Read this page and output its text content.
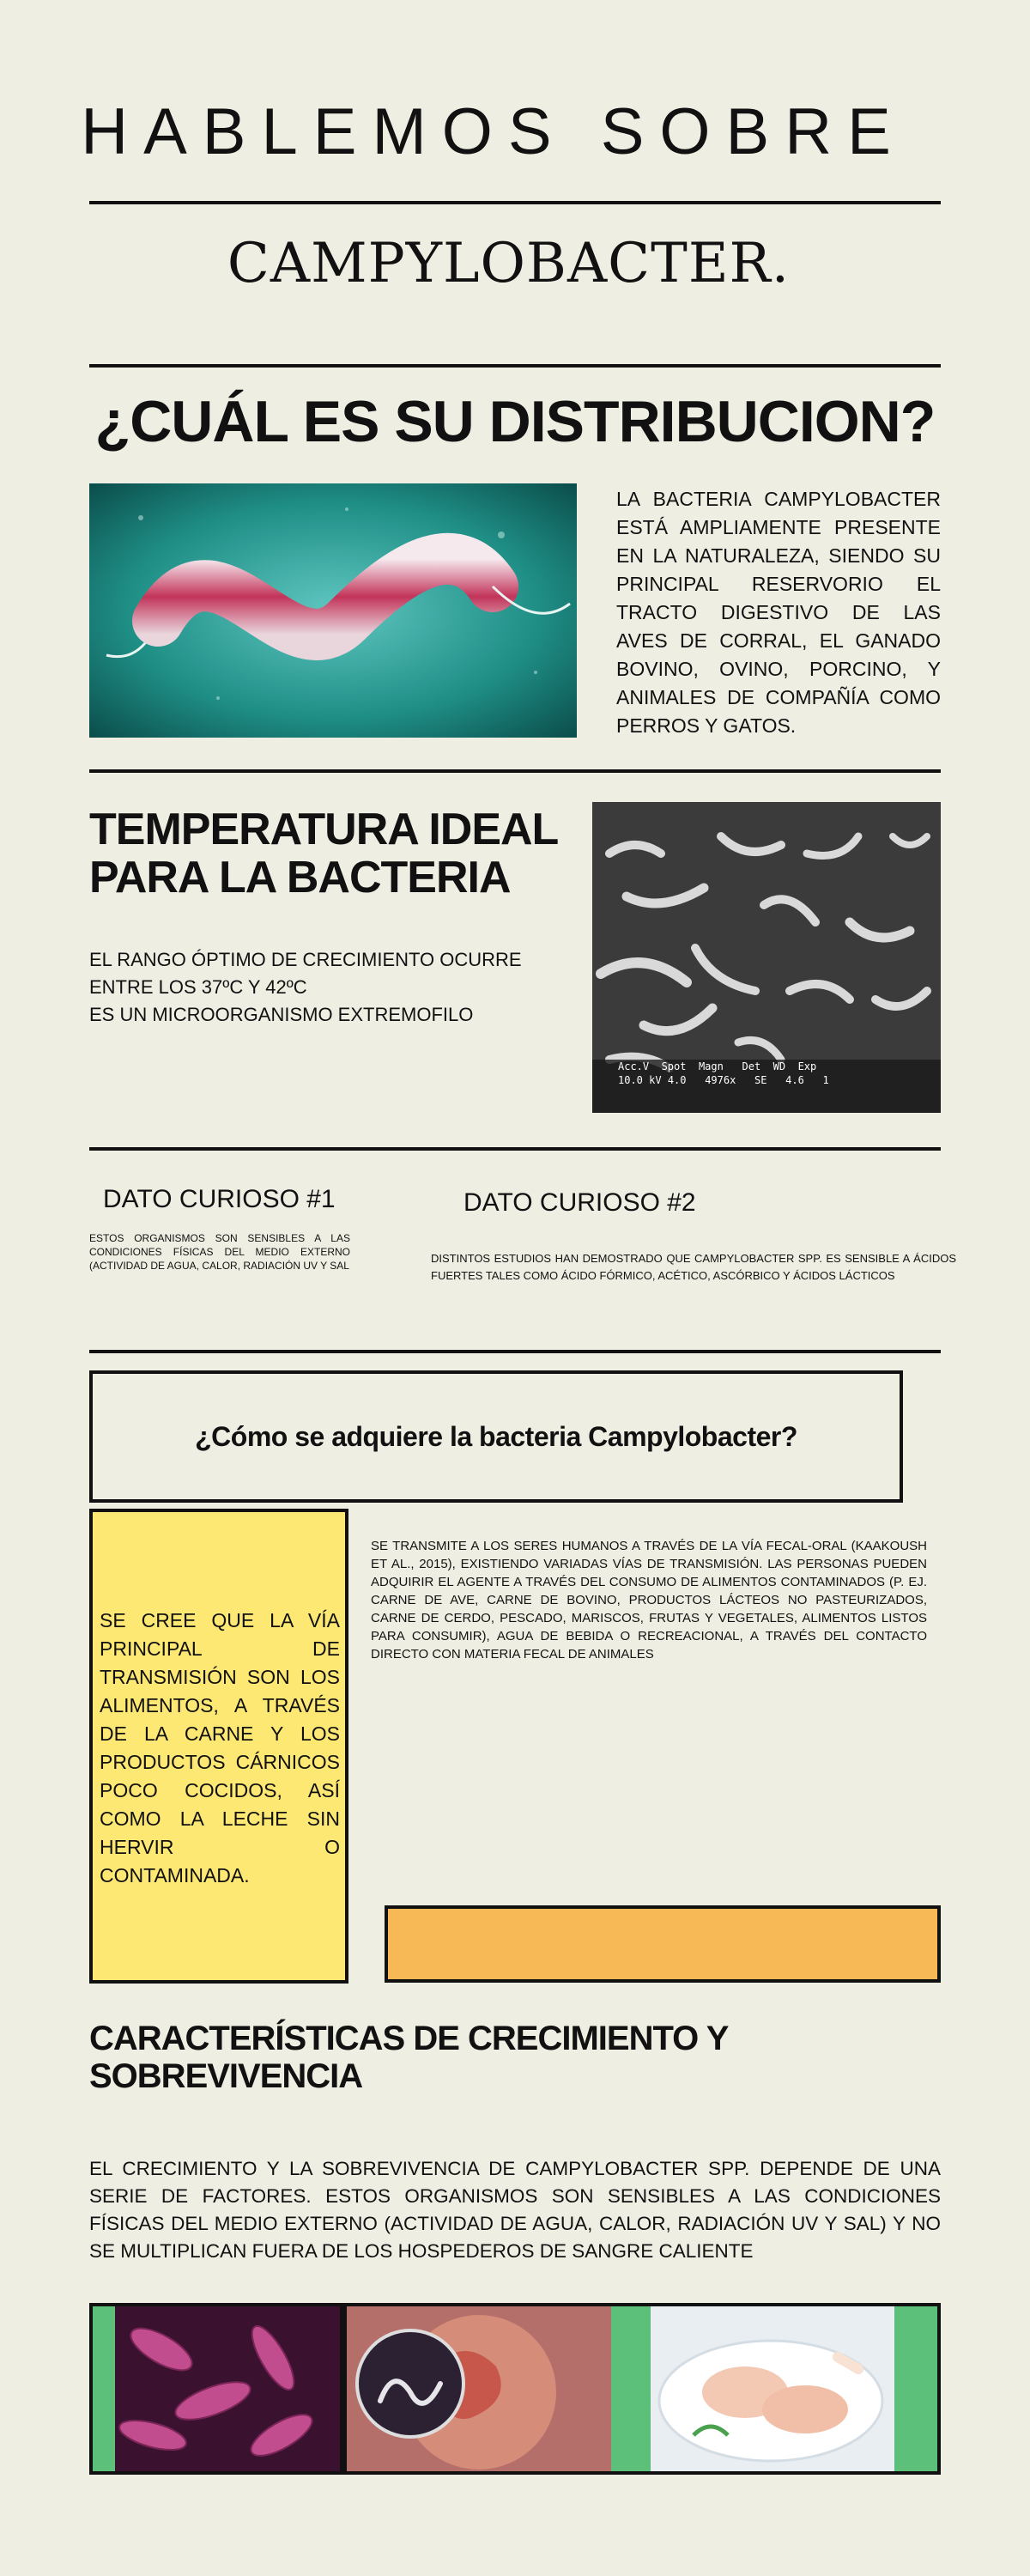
HABLEMOS SOBRE
CAMPYLOBACTER.
¿CUÁL ES SU DISTRIBUCION?
LA BACTERIA CAMPYLOBACTER ESTÁ AMPLIAMENTE PRESENTE EN LA NATURALEZA, SIENDO SU PRINCIPAL RESERVORIO EL TRACTO DIGESTIVO DE LAS AVES DE CORRAL, EL GANADO BOVINO, OVINO, PORCINO, Y ANIMALES DE COMPAÑÍA COMO PERROS Y GATOS.
TEMPERATURA IDEAL
PARA LA BACTERIA
EL RANGO ÓPTIMO DE CRECIMIENTO OCURRE ENTRE LOS 37ºC Y 42ºC
ES UN MICROORGANISMO EXTREMOFILO
Acc.V Spot Magn Det WD Exp
10.0 kV 4.0 4976x SE 4.6 1
DATO CURIOSO #1
ESTOS ORGANISMOS SON SENSIBLES A LAS CONDICIONES FÍSICAS DEL MEDIO EXTERNO (ACTIVIDAD DE AGUA, CALOR, RADIACIÓN UV Y SAL
DATO CURIOSO #2
DISTINTOS ESTUDIOS HAN DEMOSTRADO QUE CAMPYLOBACTER SPP. ES SENSIBLE A ÁCIDOS FUERTES TALES COMO ÁCIDO FÓRMICO, ACÉTICO, ASCÓRBICO Y ÁCIDOS LÁCTICOS
¿Cómo se adquiere la bacteria Campylobacter?
SE CREE QUE LA VÍA PRINCIPAL DE TRANSMISIÓN SON LOS ALIMENTOS, A TRAVÉS DE LA CARNE Y LOS PRODUCTOS CÁRNICOS POCO COCIDOS, ASÍ COMO LA LECHE SIN HERVIR O CONTAMINADA.
SE TRANSMITE A LOS SERES HUMANOS A TRAVÉS DE LA VÍA FECAL-ORAL (KAAKOUSH ET AL., 2015), EXISTIENDO VARIADAS VÍAS DE TRANSMISIÓN. LAS PERSONAS PUEDEN ADQUIRIR EL AGENTE A TRAVÉS DEL CONSUMO DE ALIMENTOS CONTAMINADOS (P. EJ. CARNE DE AVE, CARNE DE BOVINO, PRODUCTOS LÁCTEOS NO PASTEURIZADOS, CARNE DE CERDO, PESCADO, MARISCOS, FRUTAS Y VEGETALES, ALIMENTOS LISTOS PARA CONSUMIR), AGUA DE BEBIDA O RECREACIONAL, A TRAVÉS DEL CONTACTO DIRECTO CON MATERIA FECAL DE ANIMALES
CARACTERÍSTICAS DE CRECIMIENTO Y
SOBREVIVENCIA
EL CRECIMIENTO Y LA SOBREVIVENCIA DE CAMPYLOBACTER SPP. DEPENDE DE UNA SERIE DE FACTORES. ESTOS ORGANISMOS SON SENSIBLES A LAS CONDICIONES FÍSICAS DEL MEDIO EXTERNO (ACTIVIDAD DE AGUA, CALOR, RADIACIÓN UV Y SAL) Y NO SE MULTIPLICAN FUERA DE LOS HOSPEDEROS DE SANGRE CALIENTE
